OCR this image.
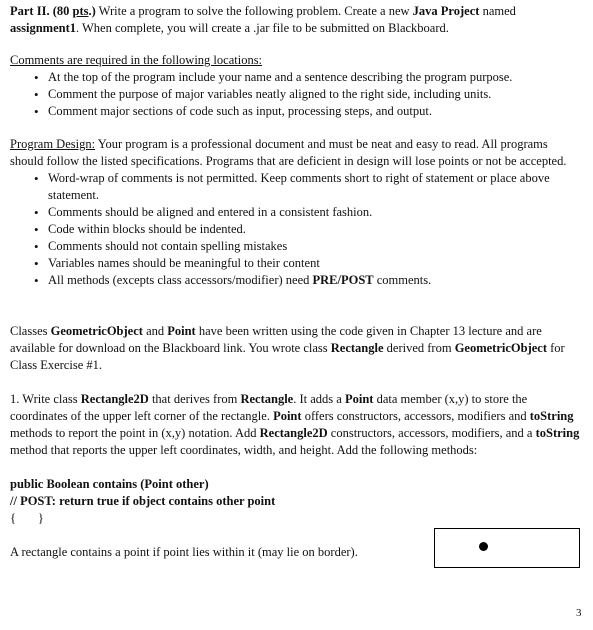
Part II. (80 pts.) Write a program to solve the following problem. Create a new Java Project named assignment1. When complete, you will create a .jar file to be submitted on Blackboard.

Comments are required in the following locations:

• At the top of the program include your name and a sentence describing the program purpose.
• Comment the purpose of major variables neatly aligned to the right side, including units.
• Comment major sections of code such as input, processing steps, and output.

Program Design: Your program is a professional document and must be neat and easy to read. All programs should follow the listed specifications. Programs that are deficient in design will lose points or not be accepted.

• Word-wrap of comments is not permitted. Keep comments short to right of statement or place above statement.
• Comments should be aligned and entered in a consistent fashion.
• Code within blocks should be indented.
• Comments should not contain spelling mistakes
• Variables names should be meaningful to their content
• All methods (excepts class accessors/modifier) need PRE/POST comments.

Classes GeometricObject and Point have been written using the code given in Chapter 13 lecture and are available for download on the Blackboard link. You wrote class Rectangle derived from GeometricObject for Class Exercise #1.

1. Write class Rectangle2D that derives from Rectangle. It adds a Point data member (x,y) to store the coordinates of the upper left corner of the rectangle. Point offers constructors, accessors, modifiers and toString methods to report the point in (x,y) notation. Add Rectangle2D constructors, accessors, modifiers, and a toString method that reports the upper left coordinates, width, and height. Add the following methods:

public Boolean contains (Point other)

// POST: return true if object contains other point

{       }

A rectangle contains a point if point lies within it (may lie on border).

3
